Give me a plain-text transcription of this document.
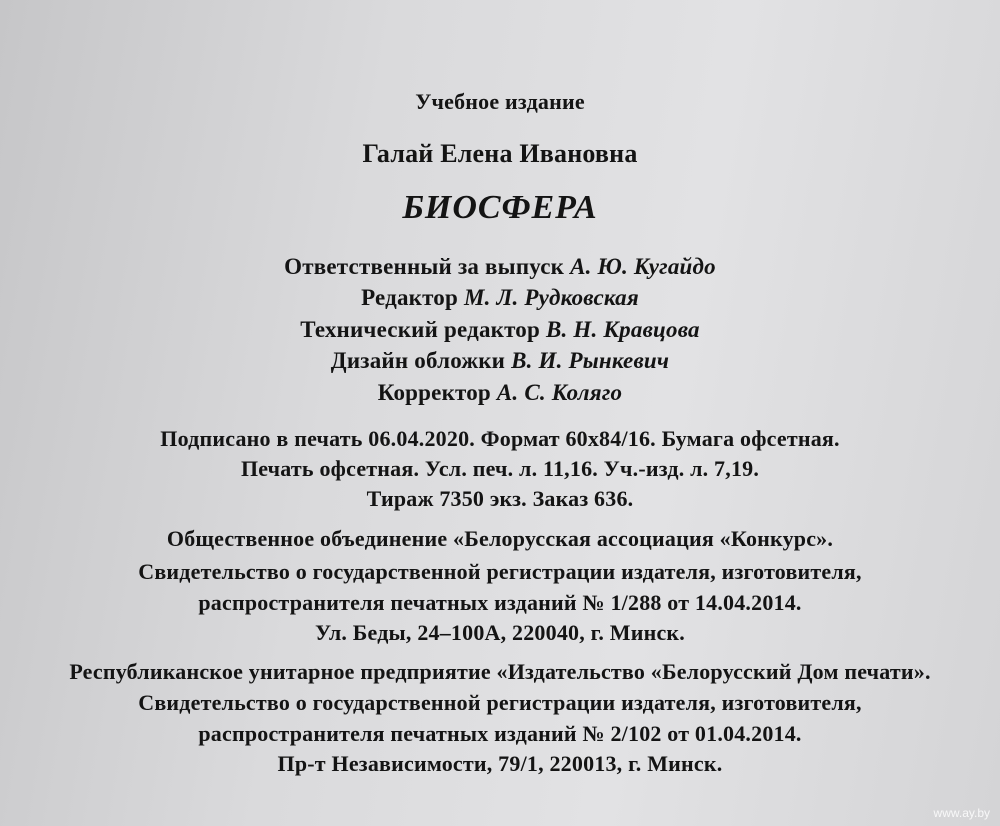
Учебное издание
Галай Елена Ивановна
БИОСФЕРА
Ответственный за выпуск А. Ю. Кугайдо
Редактор М. Л. Рудковская
Технический редактор В. Н. Кравцова
Дизайн обложки В. И. Рынкевич
Корректор А. С. Коляго
Подписано в печать 06.04.2020. Формат 60х84/16. Бумага офсетная.
Печать офсетная. Усл. печ. л. 11,16. Уч.-изд. л. 7,19.
Тираж 7350 экз. Заказ 636.
Общественное объединение «Белорусская ассоциация «Конкурс».
Свидетельство о государственной регистрации издателя, изготовителя,
распространителя печатных изданий № 1/288 от 14.04.2014.
Ул. Беды, 24–100А, 220040, г. Минск.
Республиканское унитарное предприятие «Издательство «Белорусский Дом печати».
Свидетельство о государственной регистрации издателя, изготовителя,
распространителя печатных изданий № 2/102 от 01.04.2014.
Пр-т Независимости, 79/1, 220013, г. Минск.
www.ay.by
